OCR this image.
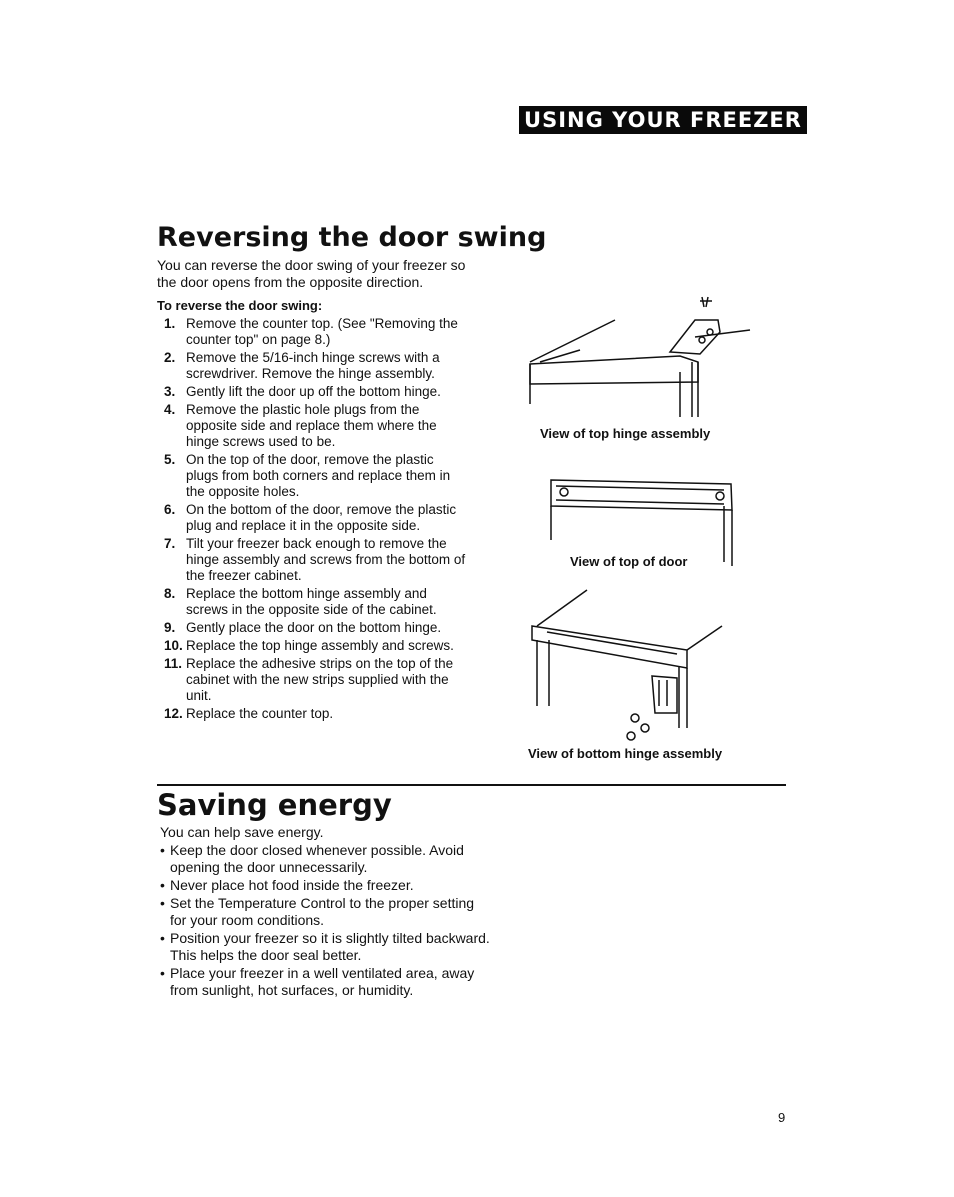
USING YOUR FREEZER
Reversing the door swing

You can reverse the door swing of your freezer so the door opens from the opposite direction.

To reverse the door swing:

1. Remove the counter top. (See "Removing the counter top" on page 8.)
2. Remove the 5/16-inch hinge screws with a screwdriver. Remove the hinge assembly.
3. Gently lift the door up off the bottom hinge.
4. Remove the plastic hole plugs from the opposite side and replace them where the hinge screws used to be.
5. On the top of the door, remove the plastic plugs from both corners and replace them in the opposite holes.
6. On the bottom of the door, remove the plastic plug and replace it in the opposite side.
7. Tilt your freezer back enough to remove the hinge assembly and screws from the bottom of the freezer cabinet.
8. Replace the bottom hinge assembly and screws in the opposite side of the cabinet.
9. Gently place the door on the bottom hinge.
10. Replace the top hinge assembly and screws.
11. Replace the adhesive strips on the top of the cabinet with the new strips supplied with the unit.
12. Replace the counter top.

View of top hinge assembly

View of top of door

View of bottom hinge assembly

Saving energy

You can help save energy.

• Keep the door closed whenever possible. Avoid opening the door unnecessarily.
• Never place hot food inside the freezer.
• Set the Temperature Control to the proper setting for your room conditions.
• Position your freezer so it is slightly tilted backward. This helps the door seal better.
• Place your freezer in a well ventilated area, away from sunlight, hot surfaces, or humidity.
9
